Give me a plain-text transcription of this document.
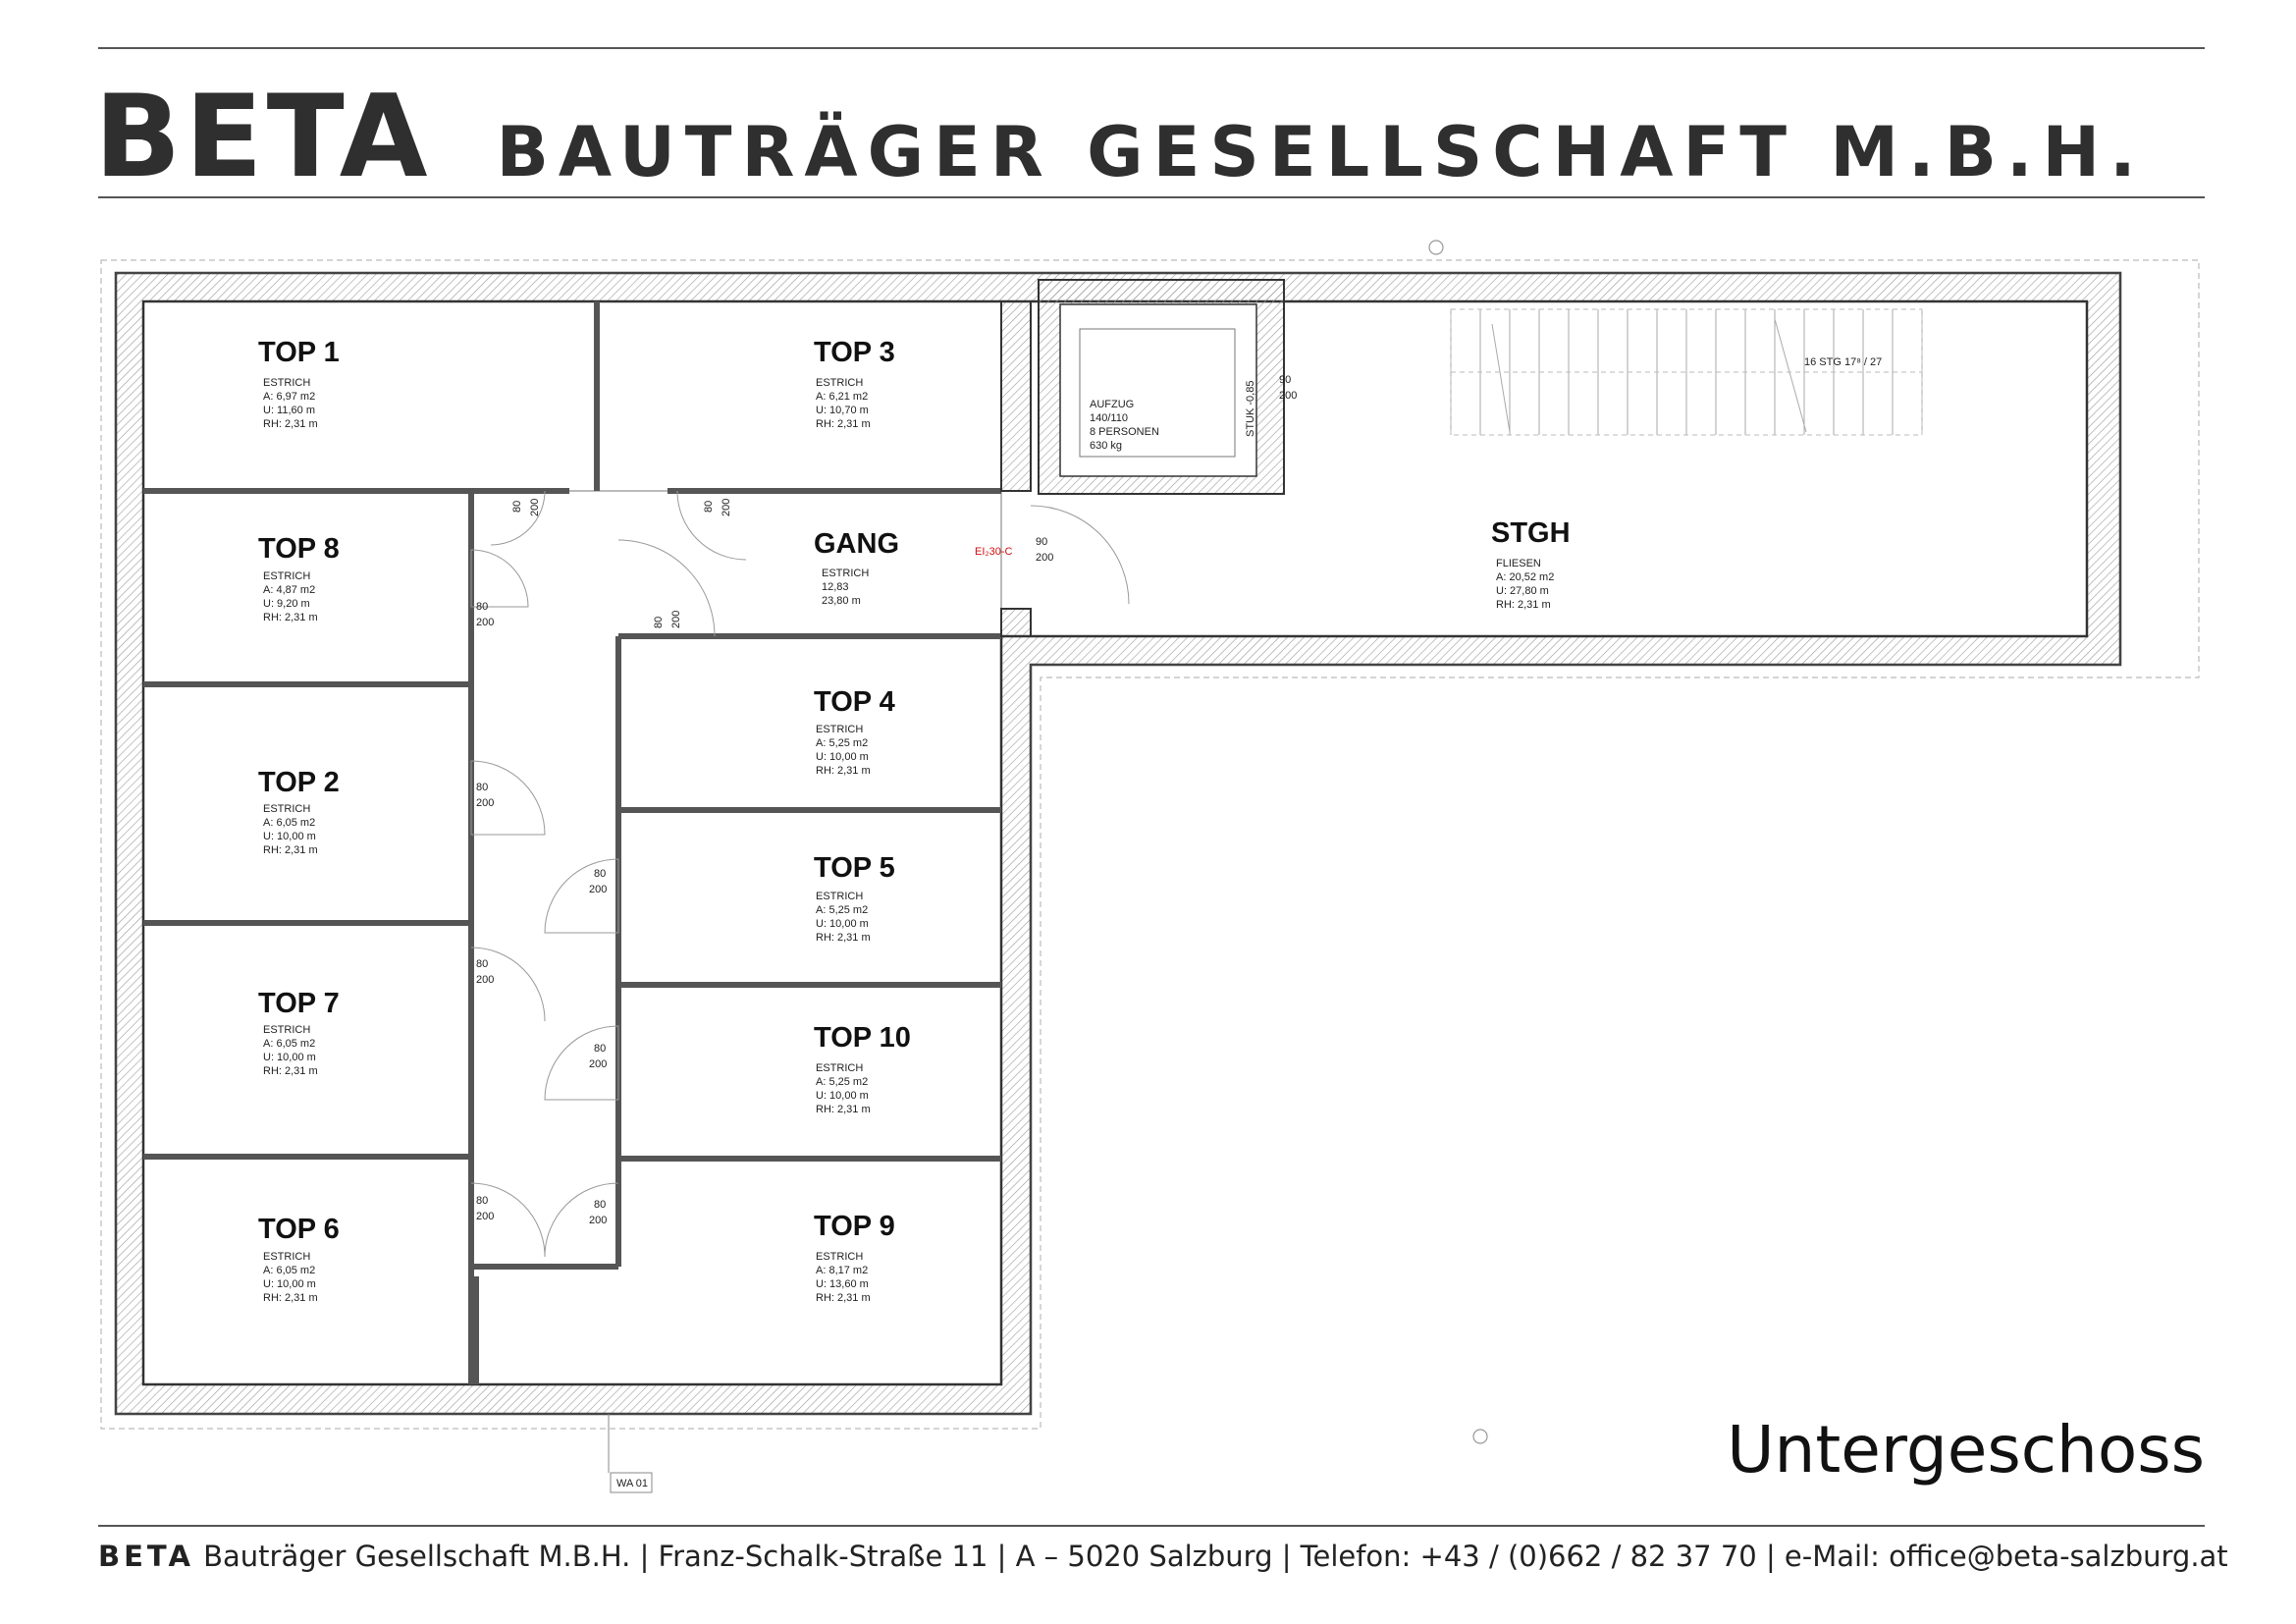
BETA BAUTRÄGER GESELLSCHAFT M.B.H.
WA 01
TOP 1
ESTRICH
A: 6,97 m2
U: 11,60 m
RH: 2,31 m
TOP 3
ESTRICH
A: 6,21 m2
U: 10,70 m
RH: 2,31 m
TOP 8
ESTRICH
A: 4,87 m2
U: 9,20 m
RH: 2,31 m
TOP 2
ESTRICH
A: 6,05 m2
U: 10,00 m
RH: 2,31 m
TOP 7
ESTRICH
A: 6,05 m2
U: 10,00 m
RH: 2,31 m
TOP 6
ESTRICH
A: 6,05 m2
U: 10,00 m
RH: 2,31 m
TOP 4
ESTRICH
A: 5,25 m2
U: 10,00 m
RH: 2,31 m
TOP 5
ESTRICH
A: 5,25 m2
U: 10,00 m
RH: 2,31 m
TOP 10
ESTRICH
A: 5,25 m2
U: 10,00 m
RH: 2,31 m
TOP 9
ESTRICH
A: 8,17 m2
U: 13,60 m
RH: 2,31 m
GANG
ESTRICH
12,83
23,80 m
STGH
FLIESEN
A: 20,52 m2
U: 27,80 m
RH: 2,31 m
AUFZUG
140/110
8 PERSONEN
630 kg
STUK -0,85
90
200
16 STG 17⁸ / 27
EI₂30-C
90
200
80
200
80
200
80
200
80
200
80
200
80
200
80
200
80 200	80 200
80 200
Untergeschoss
BETA Bauträger Gesellschaft M.B.H. | Franz-Schalk-Straße 11 | A – 5020 Salzburg | Telefon: +43 / (0)662 / 82 37 70 | e-Mail: office@beta-salzburg.at
